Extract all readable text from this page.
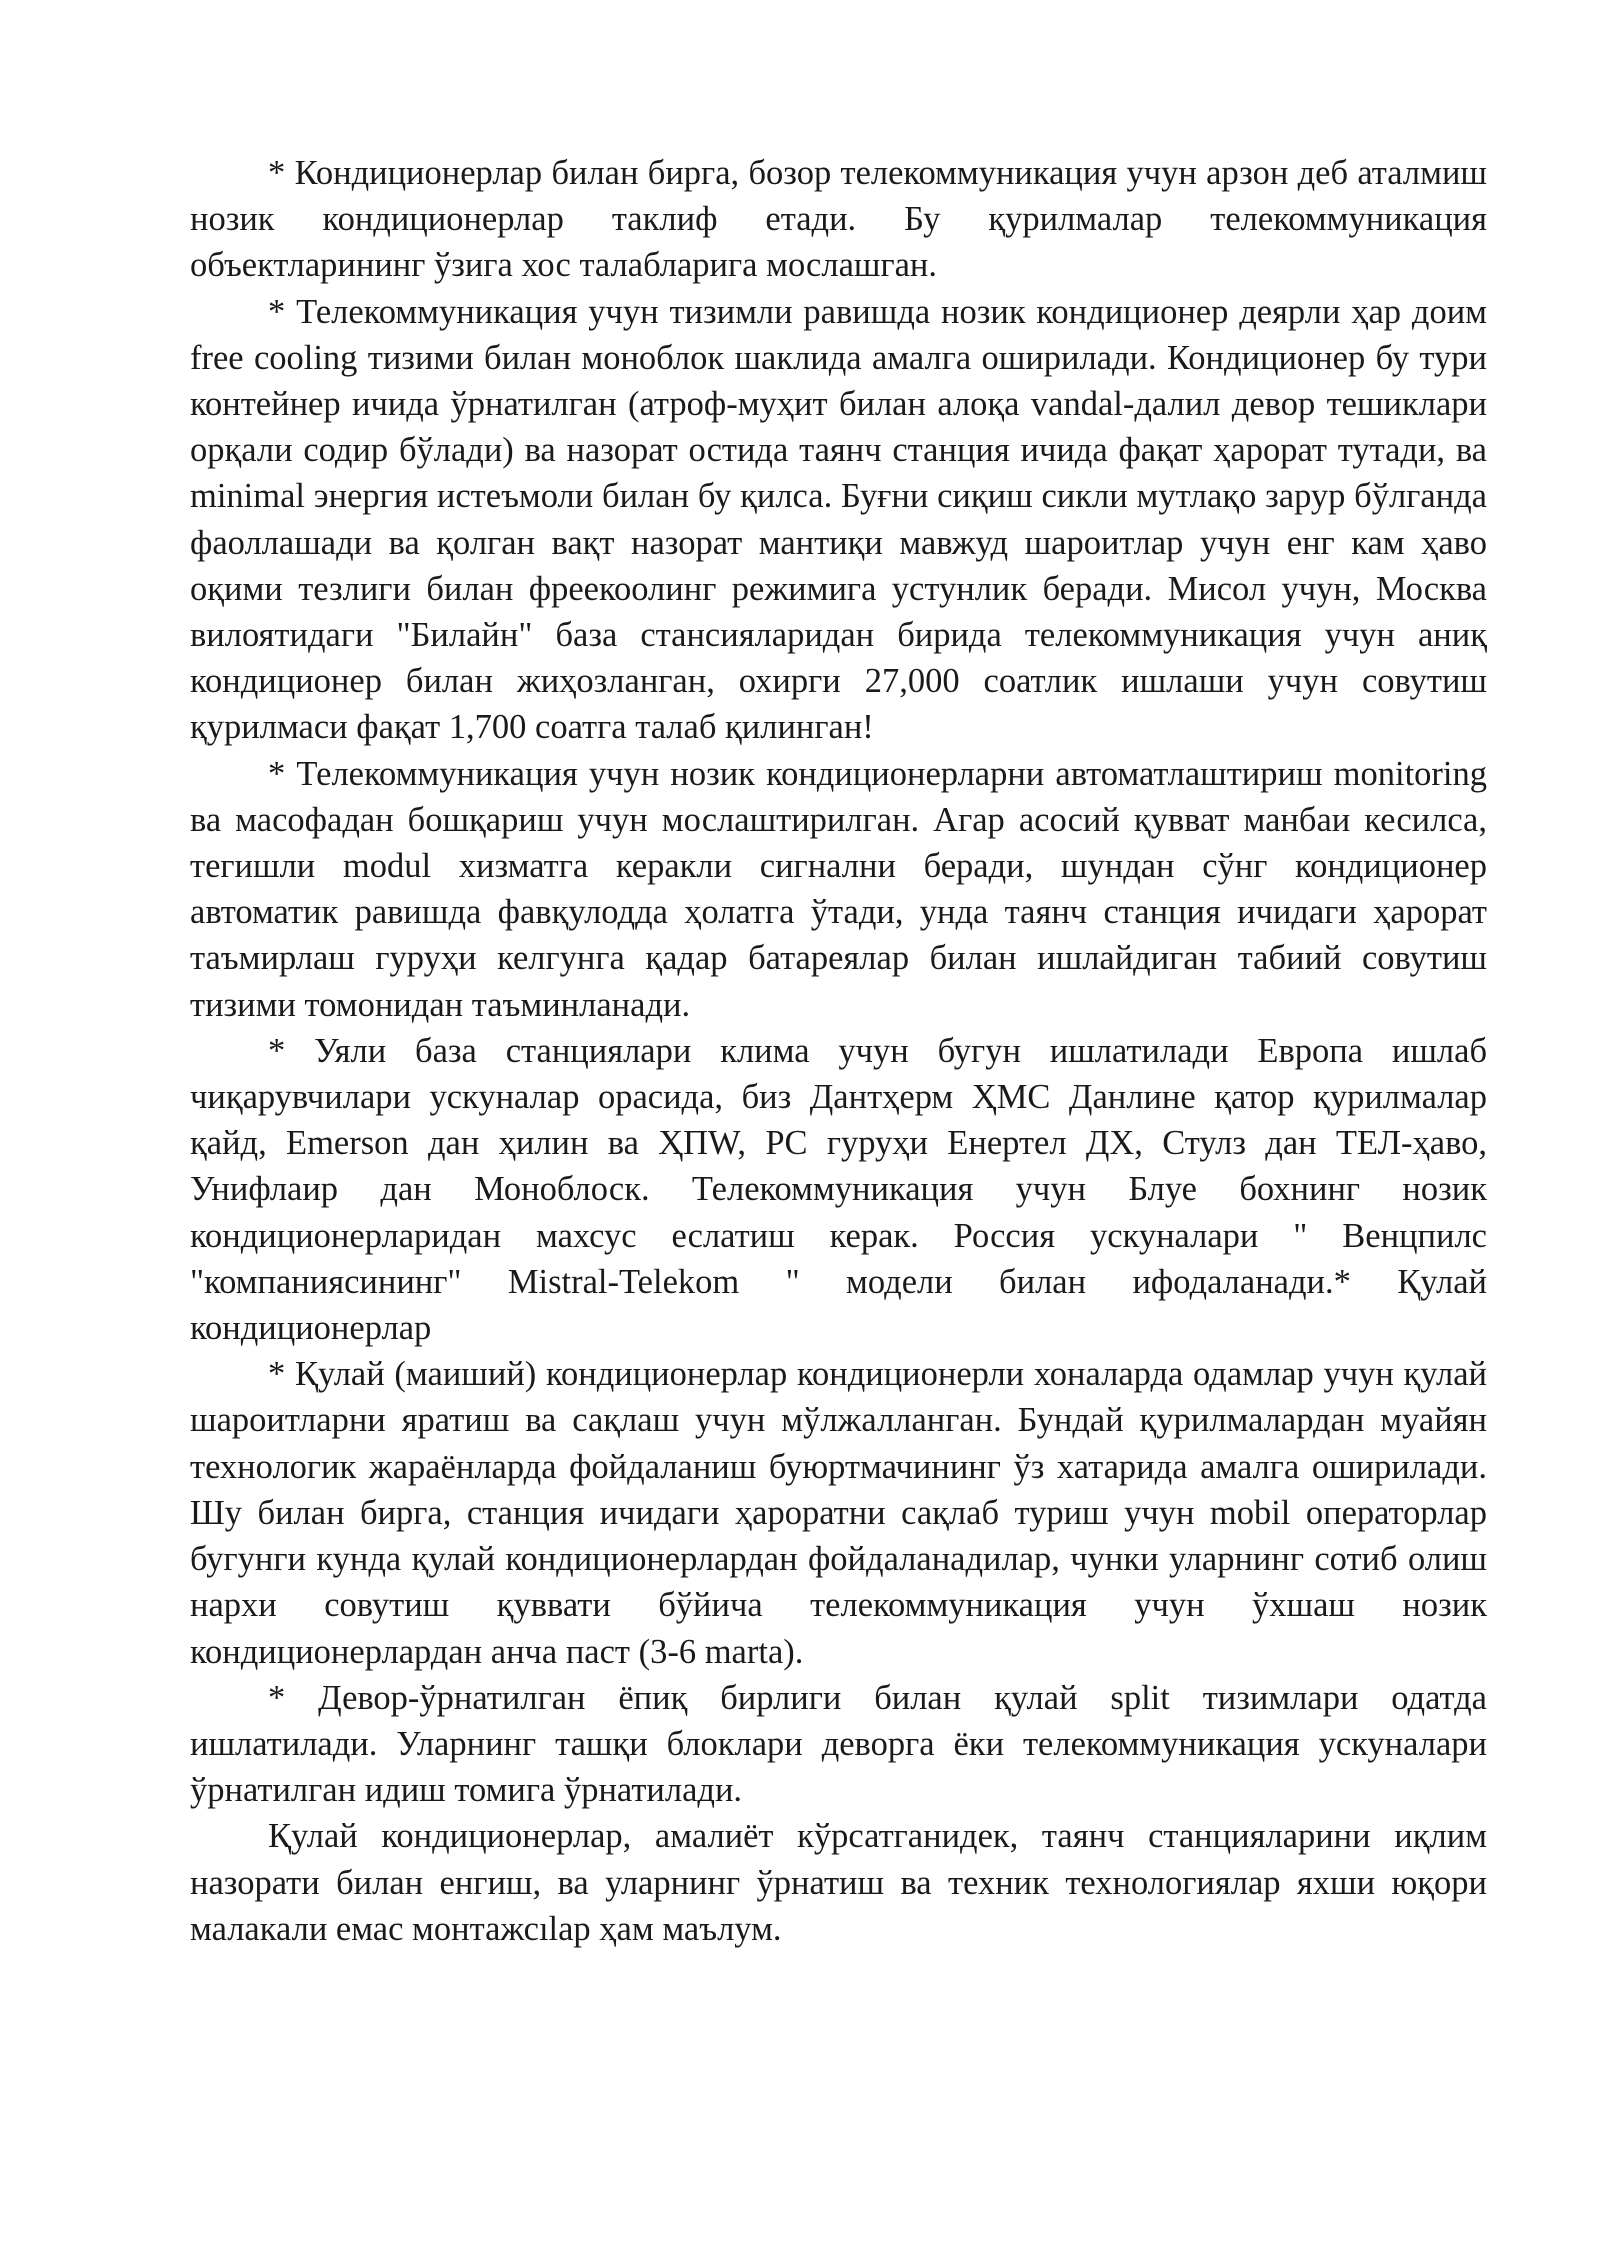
* Кондиционерлар билан бирга, бозор телекоммуникация учун арзон деб аталмиш нозик кондиционерлар таклиф етади. Бу қурилмалар телекоммуникация объектларининг ўзига хос талабларига мослашган.

* Телекоммуникация учун тизимли равишда нозик кондиционер деярли ҳар доим free cooling тизими билан моноблок шаклида амалга оширилади. Кондиционер бу тури контейнер ичида ўрнатилган (атроф-муҳит билан алоқа vandal-далил девор тешиклари орқали содир бўлади) ва назорат остида таянч станция ичида фақат ҳарорат тутади, ва minimal энергия истеъмоли билан бу қилса. Буғни сиқиш сикли мутлақо зарур бўлганда фаоллашади ва қолган вақт назорат мантиқи мавжуд шароитлар учун енг кам ҳаво оқими тезлиги билан фреекоолинг режимига устунлик беради. Мисол учун, Москва вилоятидаги "Билайн" база стансияларидан бирида телекоммуникация учун аниқ кондиционер билан жиҳозланган, охирги 27,000 соатлик ишлаши учун совутиш қурилмаси фақат 1,700 соатга талаб қилинган!

* Телекоммуникация учун нозик кондиционерларни автоматлаштириш monitoring ва масофадан бошқариш учун мослаштирилган. Агар асосий қувват манбаи кесилса, тегишли modul хизматга керакли сигнални беради, шундан сўнг кондиционер автоматик равишда фавқулодда ҳолатга ўтади, унда таянч станция ичидаги ҳарорат таъмирлаш гуруҳи келгунга қадар батареялар билан ишлайдиган табиий совутиш тизими томонидан таъминланади.

* Уяли база станциялари клима учун бугун ишлатилади Европа ишлаб чиқарувчилари ускуналар орасида, биз Дантҳерм ҲМС Данлине қатор қурилмалар қайд, Emerson дан ҳилин ва ҲПW, PC гуруҳи Енертел ДХ, Стулз дан ТЕЛ-ҳаво, Унифлаир дан Моноблоск. Телекоммуникация учун Блуе бохнинг нозик кондиционерларидан махсус еслатиш керак. Россия ускуналари " Венцпилс "компаниясининг" Mistral-Telekom " модели билан ифодаланади.* Қулай кондиционерлар

* Қулай (маиший) кондиционерлар кондиционерли хоналарда одамлар учун қулай шароитларни яратиш ва сақлаш учун мўлжалланган. Бундай қурилмалардан муайян технологик жараёнларда фойдаланиш буюртмачининг ўз хатарида амалга оширилади. Шу билан бирга, станция ичидаги ҳароратни сақлаб туриш учун mobil операторлар бугунги кунда қулай кондиционерлардан фойдаланадилар, чунки уларнинг сотиб олиш нархи совутиш қуввати бўйича телекоммуникация учун ўхшаш нозик кондиционерлардан анча паст (3-6 marta).

* Девор-ўрнатилган ёпиқ бирлиги билан қулай split тизимлари одатда ишлатилади. Уларнинг ташқи блоклари деворга ёки телекоммуникация ускуналари ўрнатилган идиш томига ўрнатилади.

Қулай кондиционерлар, амалиёт кўрсатганидек, таянч станцияларини иқлим назорати билан енгиш, ва уларнинг ўрнатиш ва техник технологиялар яхши юқори малакали емас монтажсılар ҳам маълум.
